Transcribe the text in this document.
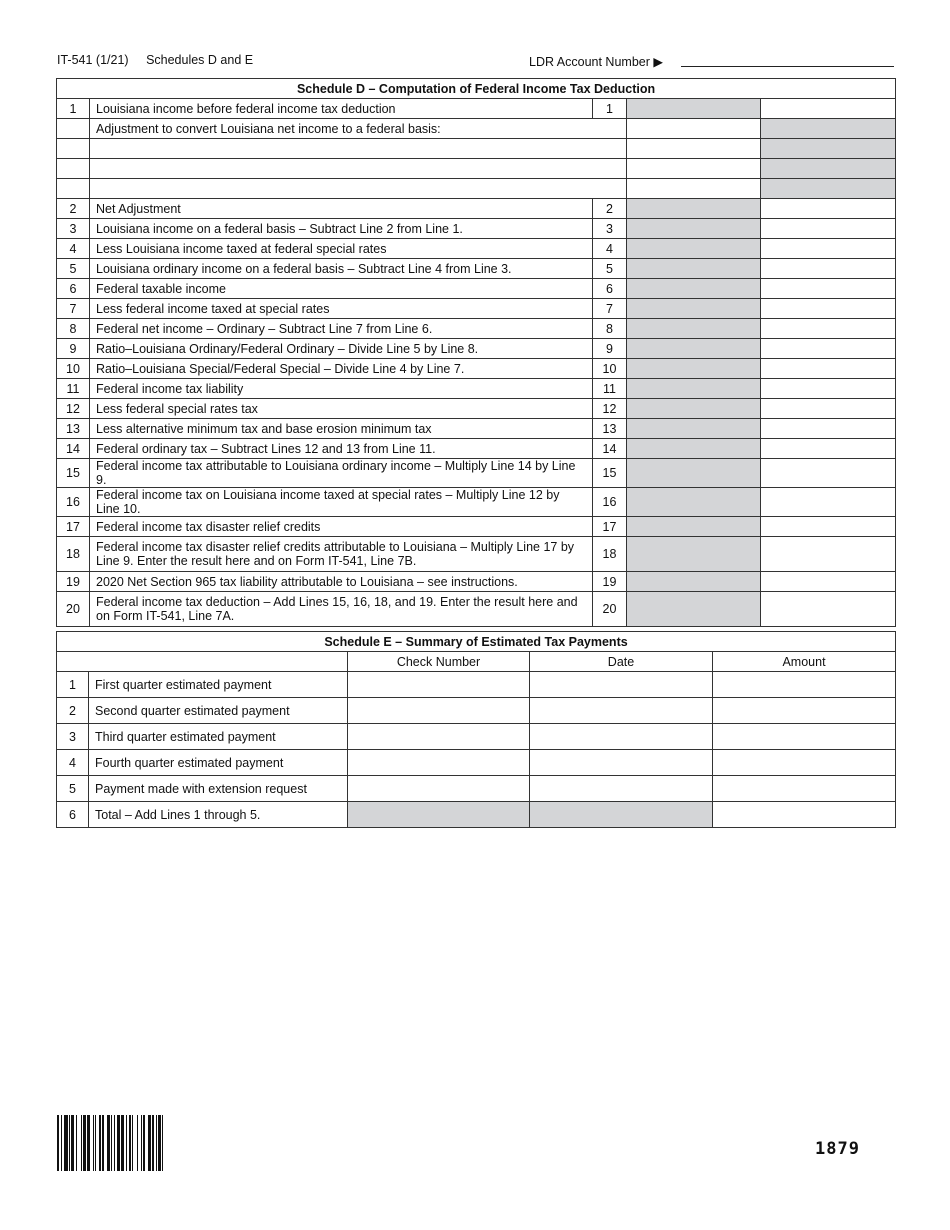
IT-541 (1/21) Schedules D and E	LDR Account Number ▶
Schedule D – Computation of Federal Income Tax Deduction				
1	Louisiana income before federal income tax deduction	1		
	Adjustment to convert Louisiana net income to a federal basis:			

2	Net Adjustment	2		
3	Louisiana income on a federal basis – Subtract Line 2 from Line 1.	3		
4	Less Louisiana income taxed at federal special rates	4		
5	Louisiana ordinary income on a federal basis – Subtract Line 4 from Line 3.	5		
6	Federal taxable income	6		
7	Less federal income taxed at special rates	7		
8	Federal net income – Ordinary – Subtract Line 7 from Line 6.	8		
9	Ratio–Louisiana Ordinary/Federal Ordinary – Divide Line 5 by Line 8.	9		
10	Ratio–Louisiana Special/Federal Special – Divide Line 4 by Line 7.	10		
11	Federal income tax liability	11		
12	Less federal special rates tax	12		
13	Less alternative minimum tax and base erosion minimum tax	13		
14	Federal ordinary tax – Subtract Lines 12 and 13 from Line 11.	14		
15	Federal income tax attributable to Louisiana ordinary income – Multiply Line 14 by Line 9.	15		
16	Federal income tax on Louisiana income taxed at special rates – Multiply Line 12 by Line 10.	16		
17	Federal income tax disaster relief credits	17		
18	Federal income tax disaster relief credits attributable to Louisiana – Multiply Line 17 by Line 9. Enter the result here and on Form IT-541, Line 7B.	18		
19	2020 Net Section 965 tax liability attributable to Louisiana – see instructions.	19		
20	Federal income tax deduction – Add Lines 15, 16, 18, and 19. Enter the result here and on Form IT-541, Line 7A.	20		
Schedule E – Summary of Estimated Tax Payments				
		Check Number	Date	Amount
1	First quarter estimated payment			
2	Second quarter estimated payment			
3	Third quarter estimated payment			
4	Fourth quarter estimated payment			
5	Payment made with extension request			
6	Total – Add Lines 1 through 5.			
1879
